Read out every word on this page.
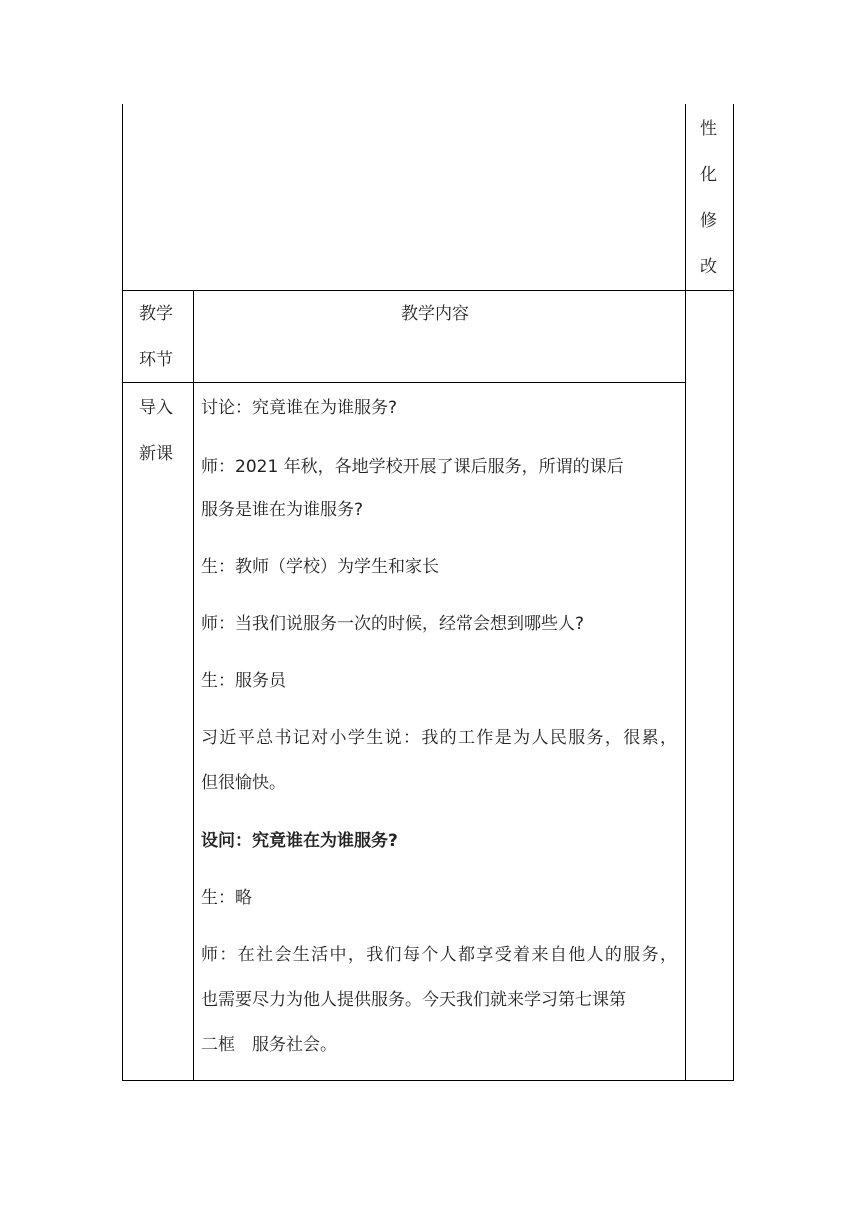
性
化
修
改
教学
环节
教学内容
导入
新课
讨论：究竟谁在为谁服务?
师：2021 年秋，各地学校开展了课后服务，所谓的课后
服务是谁在为谁服务?
生：教师（学校）为学生和家长
师：当我们说服务一次的时候，经常会想到哪些人?
生：服务员
习近平总书记对小学生说：我的工作是为人民服务，很累，
但很愉快。
设问：究竟谁在为谁服务?
生：略
师：在社会生活中，我们每个人都享受着来自他人的服务，
也需要尽力为他人提供服务。今天我们就来学习第七课第
二框　服务社会。
